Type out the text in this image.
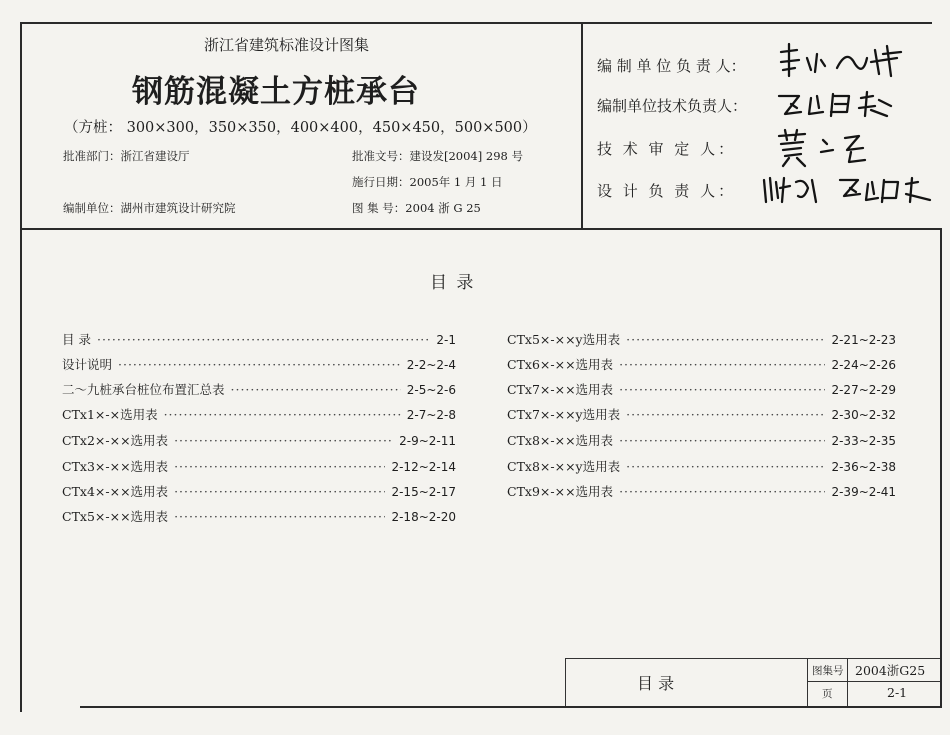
浙江省建筑标准设计图集
钢筋混凝土方桩承台
（方桩： 300×300，350×350，400×400，450×450，500×500）
批准部门：浙江省建设厅	批准文号：建设发[2004] 298 号
施行日期：2005年 1 月 1 日
编制单位：湖州市建筑设计研究院	图 集 号：2004 浙 G 25
编 制 单 位 负 责 人：
编制单位技术负责人：
技 术 审 定 人：
设 计 负 责 人：
目 录
目 录 ·····	2-1
设计说明 ·····	2-2~2-4
二～九桩承台桩位布置汇总表 ·····	2-5~2-6
CTx1×-×选用表 ·····	2-7~2-8
CTx2×-××选用表 ·····	2-9~2-11
CTx3×-××选用表 ·····	2-12~2-14
CTx4×-××选用表 ·····	2-15~2-17
CTx5×-××选用表 ·····	2-18~2-20
CTx5×-××y选用表 ·····	2-21~2-23
CTx6×-××选用表 ·····	2-24~2-26
CTx7×-××选用表 ·····	2-27~2-29
CTx7×-××y选用表 ·····	2-30~2-32
CTx8×-××选用表 ·····	2-33~2-35
CTx8×-××y选用表 ·····	2-36~2-38
CTx9×-××选用表 ·····	2-39~2-41
目 录
图集号 2004浙G25
页	2-1
